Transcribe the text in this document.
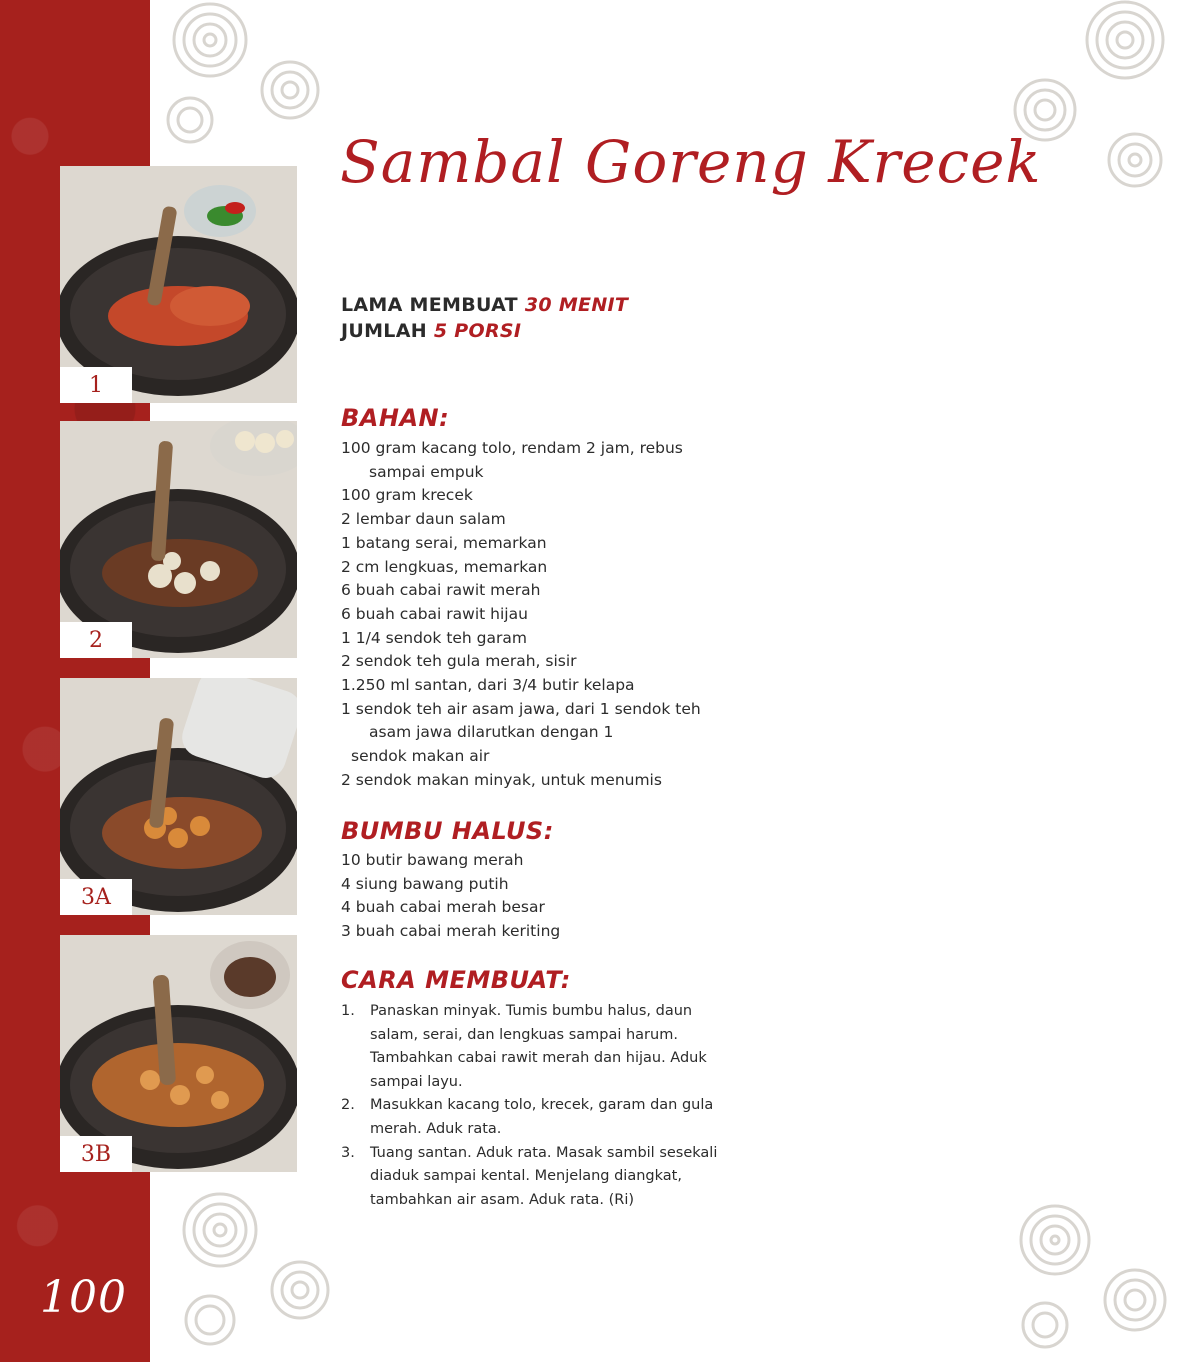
100
1
2
3A
3B
Sambal Goreng Krecek
LAMA MEMBUAT 30 MENIT
JUMLAH 5 PORSI
BAHAN:
100 gram kacang tolo, rendam 2 jam, rebus
sampai empuk
100 gram krecek
2 lembar daun salam
1 batang serai, memarkan
2 cm lengkuas, memarkan
6 buah cabai rawit merah
6 buah cabai rawit hijau
1 1/4 sendok teh garam
2 sendok teh gula merah, sisir
1.250 ml santan, dari 3/4 butir kelapa
1 sendok teh air asam jawa, dari 1 sendok teh
asam jawa dilarutkan dengan 1
sendok makan air
2 sendok makan minyak, untuk menumis
BUMBU HALUS:
10 butir bawang merah
4 siung bawang putih
4 buah cabai merah besar
3 buah cabai merah keriting
CARA MEMBUAT:
1. Panaskan minyak. Tumis bumbu halus, daun
salam, serai, dan lengkuas sampai harum.
Tambahkan cabai rawit merah dan hijau. Aduk
sampai layu.
2. Masukkan kacang tolo, krecek, garam dan gula
merah. Aduk rata.
3. Tuang santan. Aduk rata. Masak sambil sesekali
diaduk sampai kental. Menjelang diangkat,
tambahkan air asam. Aduk rata. (Ri)
